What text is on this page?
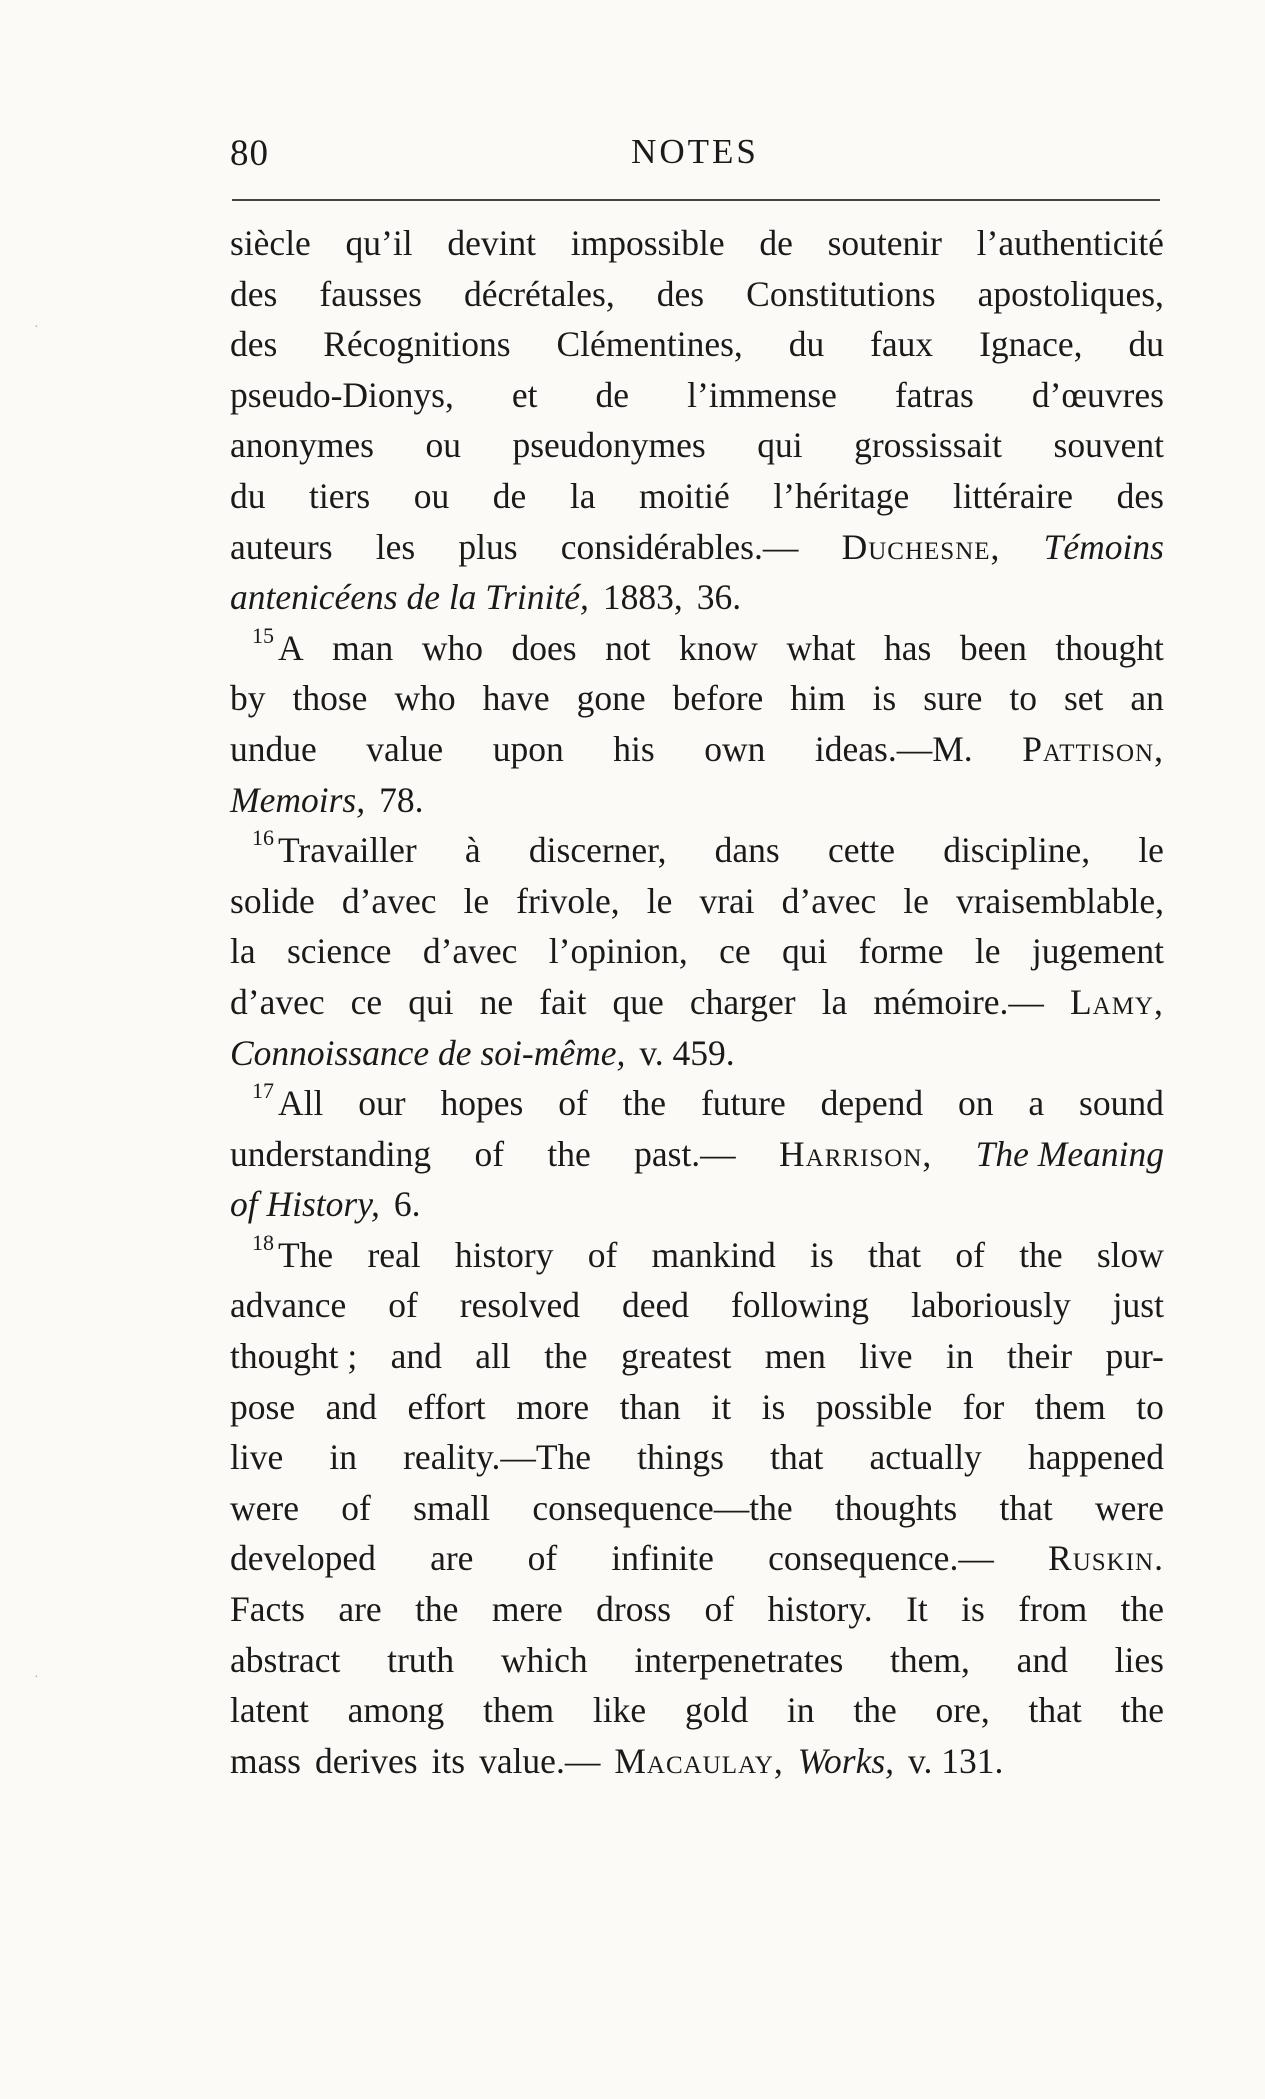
80	NOTES
siècle qu’il devint impossible de soutenir l’authenticité
des fausses décrétales, des Constitutions apostoliques,
des Récognitions Clémentines, du faux Ignace, du
pseudo-Dionys, et de l’immense fatras d’œuvres
anonymes ou pseudonymes qui grossissait souvent
du tiers ou de la moitié l’héritage littéraire des
auteurs les plus considérables.— Duchesne, Témoins
antenicéens de la Trinité, 1883, 36.
$^{15}$ A man who does not know what has been thought
by those who have gone before him is sure to set an
undue value upon his own ideas.—M. Pattison,
Memoirs, 78.
$^{16}$ Travailler à discerner, dans cette discipline, le
solide d’avec le frivole, le vrai d’avec le vraisemblable,
la science d’avec l’opinion, ce qui forme le jugement
d’avec ce qui ne fait que charger la mémoire.— Lamy,
Connoissance de soi-même, v. 459.
$^{17}$ All our hopes of the future depend on a sound
understanding of the past.— Harrison, The Meaning
of History, 6.
$^{18}$ The real history of mankind is that of the slow
advance of resolved deed following laboriously just
thought ; and all the greatest men live in their pur-
pose and effort more than it is possible for them to
live in reality.—The things that actually happened
were of small consequence—the thoughts that were
developed are of infinite consequence.— Ruskin.
Facts are the mere dross of history. It is from the
abstract truth which interpenetrates them, and lies
latent among them like gold in the ore, that the
mass derives its value.— Macaulay, Works, v. 131.
·
·
